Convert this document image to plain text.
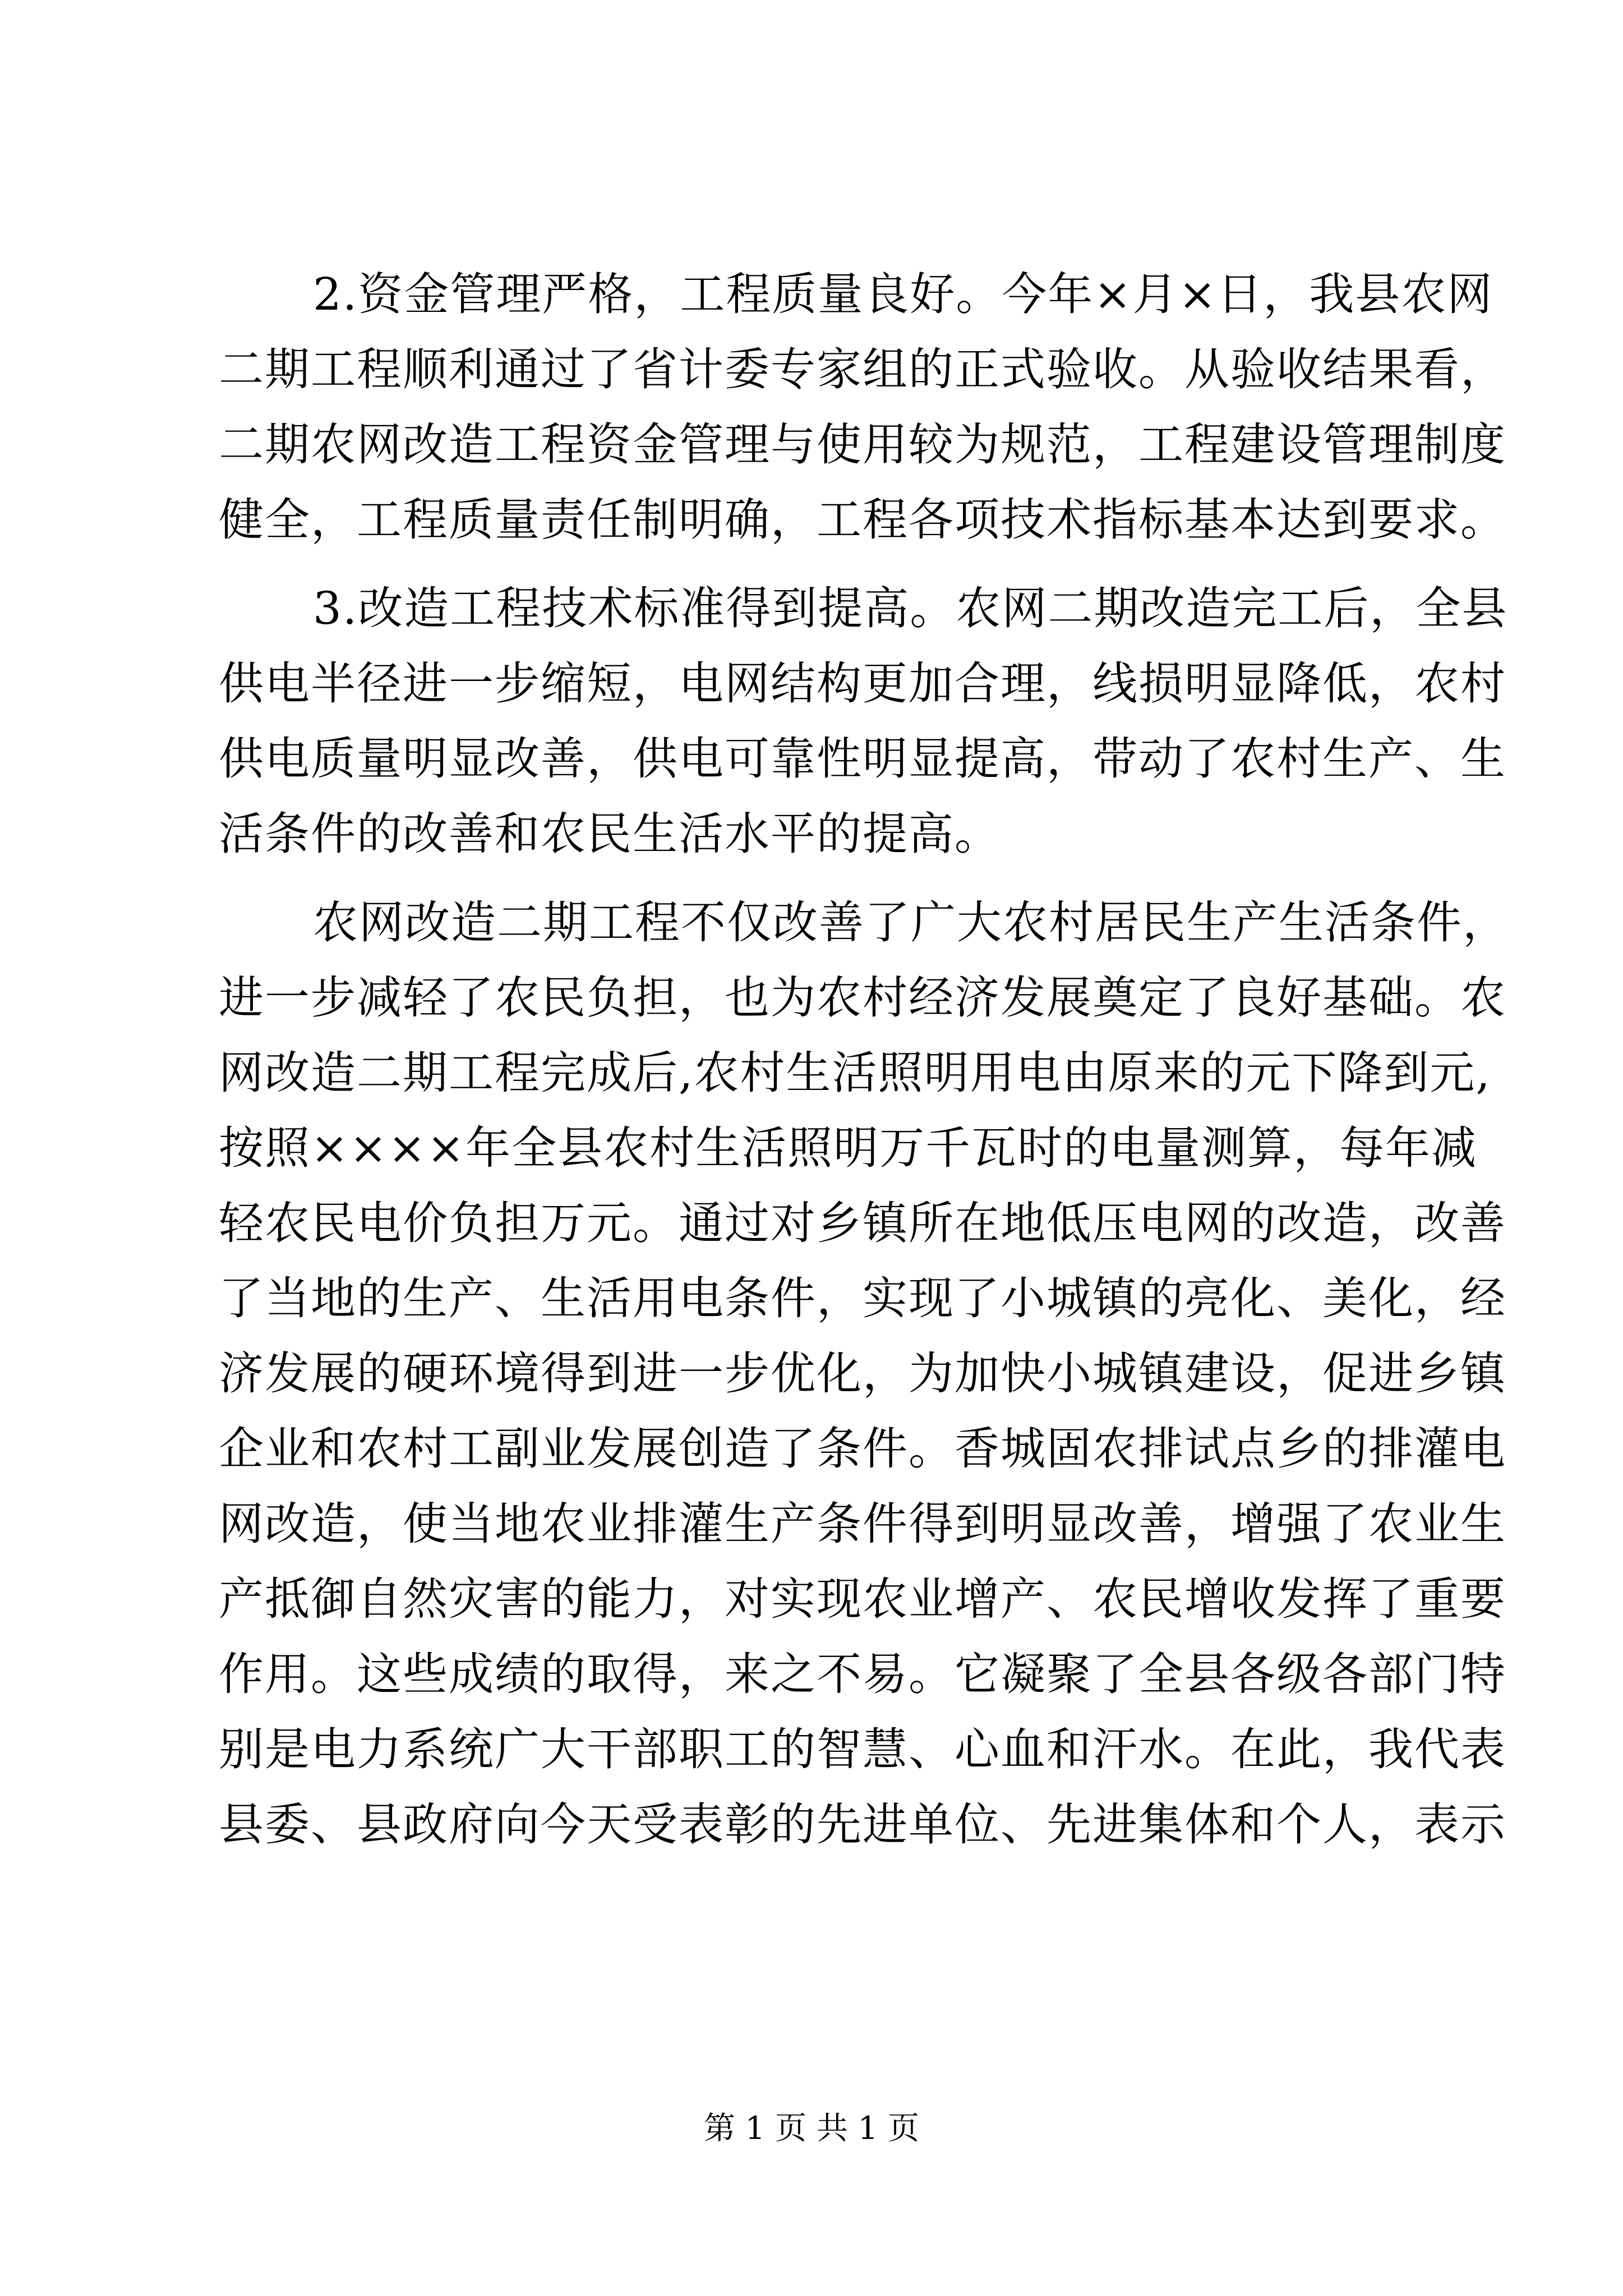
2.资金管理严格，工程质量良好。今年×月×日，我县农网
二期工程顺利通过了省计委专家组的正式验收。从验收结果看，
二期农网改造工程资金管理与使用较为规范，工程建设管理制度
健全，工程质量责任制明确，工程各项技术指标基本达到要求。
3.改造工程技术标准得到提高。农网二期改造完工后，全县
供电半径进一步缩短，电网结构更加合理，线损明显降低，农村
供电质量明显改善，供电可靠性明显提高，带动了农村生产、生
活条件的改善和农民生活水平的提高。
农网改造二期工程不仅改善了广大农村居民生产生活条件，
进一步减轻了农民负担，也为农村经济发展奠定了良好基础。农
网改造二期工程完成后,农村生活照明用电由原来的元下降到元,
按照××××年全县农村生活照明万千瓦时的电量测算，每年减
轻农民电价负担万元。通过对乡镇所在地低压电网的改造，改善
了当地的生产、生活用电条件，实现了小城镇的亮化、美化，经
济发展的硬环境得到进一步优化，为加快小城镇建设，促进乡镇
企业和农村工副业发展创造了条件。香城固农排试点乡的排灌电
网改造，使当地农业排灌生产条件得到明显改善，增强了农业生
产抵御自然灾害的能力，对实现农业增产、农民增收发挥了重要
作用。这些成绩的取得，来之不易。它凝聚了全县各级各部门特
别是电力系统广大干部职工的智慧、心血和汗水。在此，我代表
县委、县政府向今天受表彰的先进单位、先进集体和个人，表示
第 1 页 共 1 页
